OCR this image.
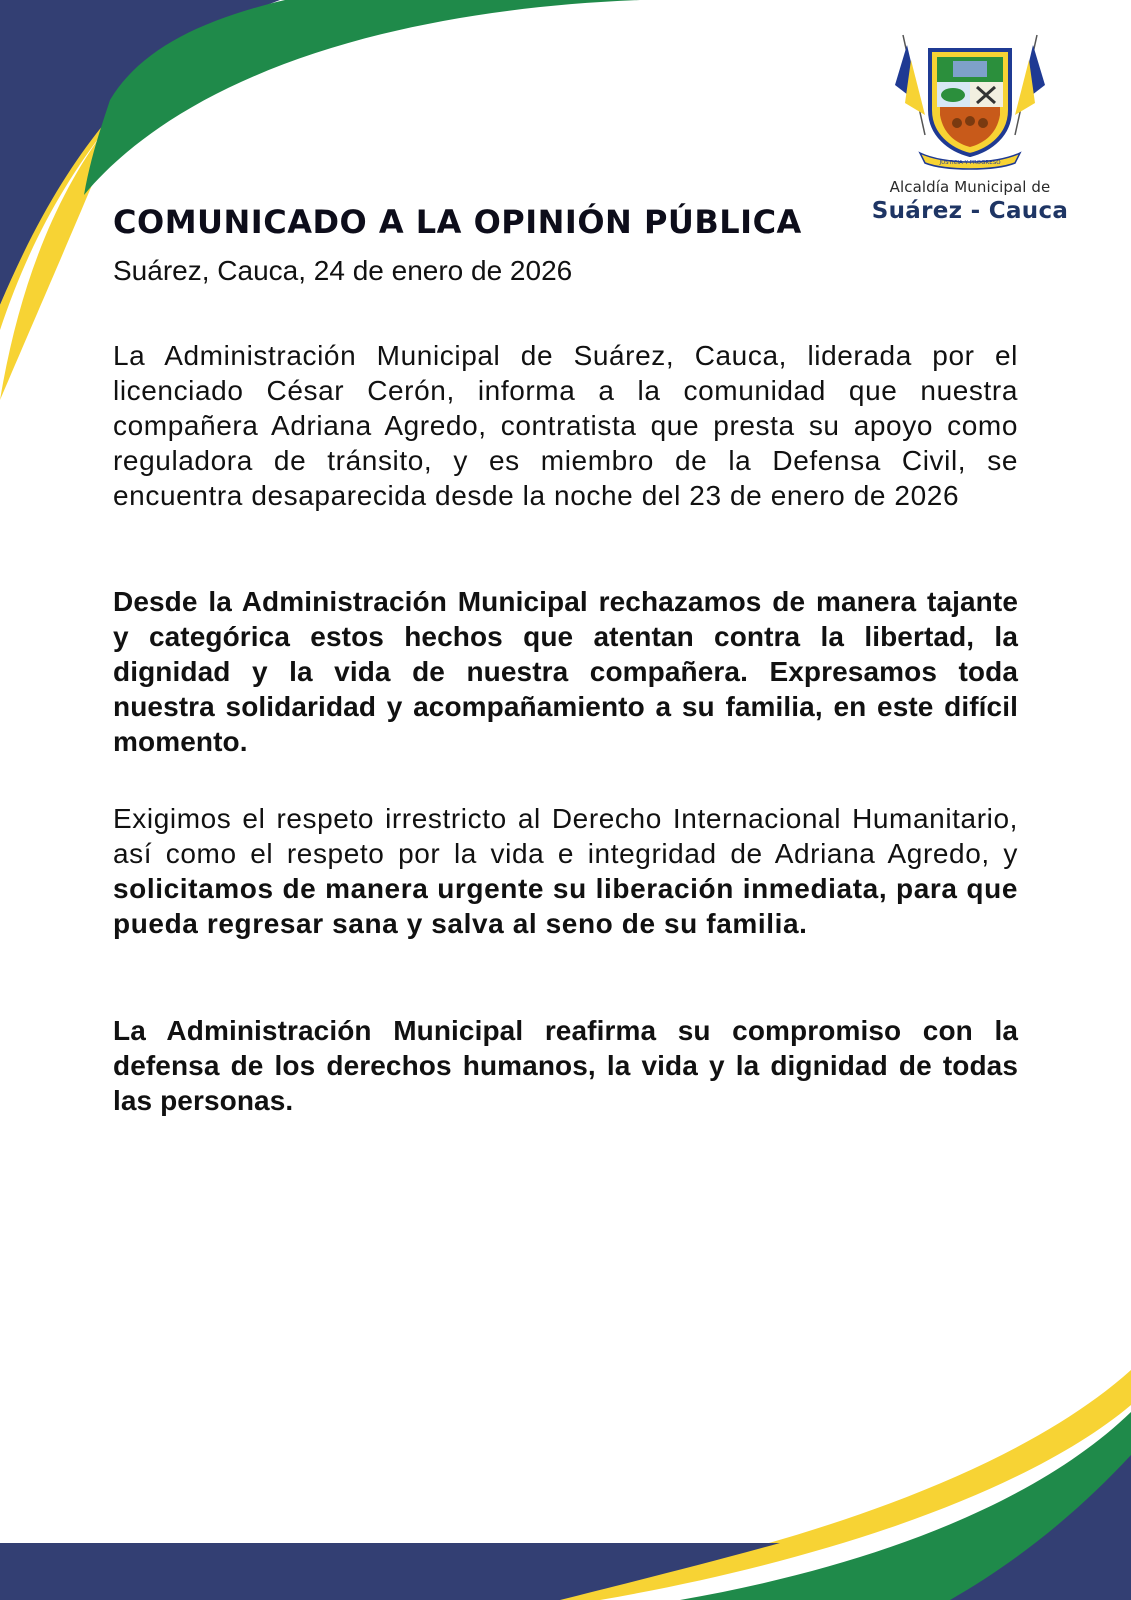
JUSTICIA Y PROGRESO
Alcaldía Municipal de
Suárez - Cauca
COMUNICADO A LA OPINIÓN PÚBLICA
Suárez, Cauca, 24 de enero de 2026
La Administración Municipal de Suárez, Cauca, liderada por el licenciado César Cerón, informa a la comunidad que nuestra compañera Adriana Agredo, contratista que presta su apoyo como reguladora de tránsito, y es miembro de la Defensa Civil, se encuentra desaparecida desde la noche del 23 de enero de 2026
Desde la Administración Municipal rechazamos de manera tajante y categórica estos hechos que atentan contra la libertad, la dignidad y la vida de nuestra compañera. Expresamos toda nuestra solidaridad y acompañamiento a su familia, en este difícil momento.
Exigimos el respeto irrestricto al Derecho Internacional Humanitario, así como el respeto por la vida e integridad de Adriana Agredo, y solicitamos de manera urgente su liberación inmediata, para que pueda regresar sana y salva al seno de su familia.
La Administración Municipal reafirma su compromiso con la defensa de los derechos humanos, la vida y la dignidad de todas las personas.
